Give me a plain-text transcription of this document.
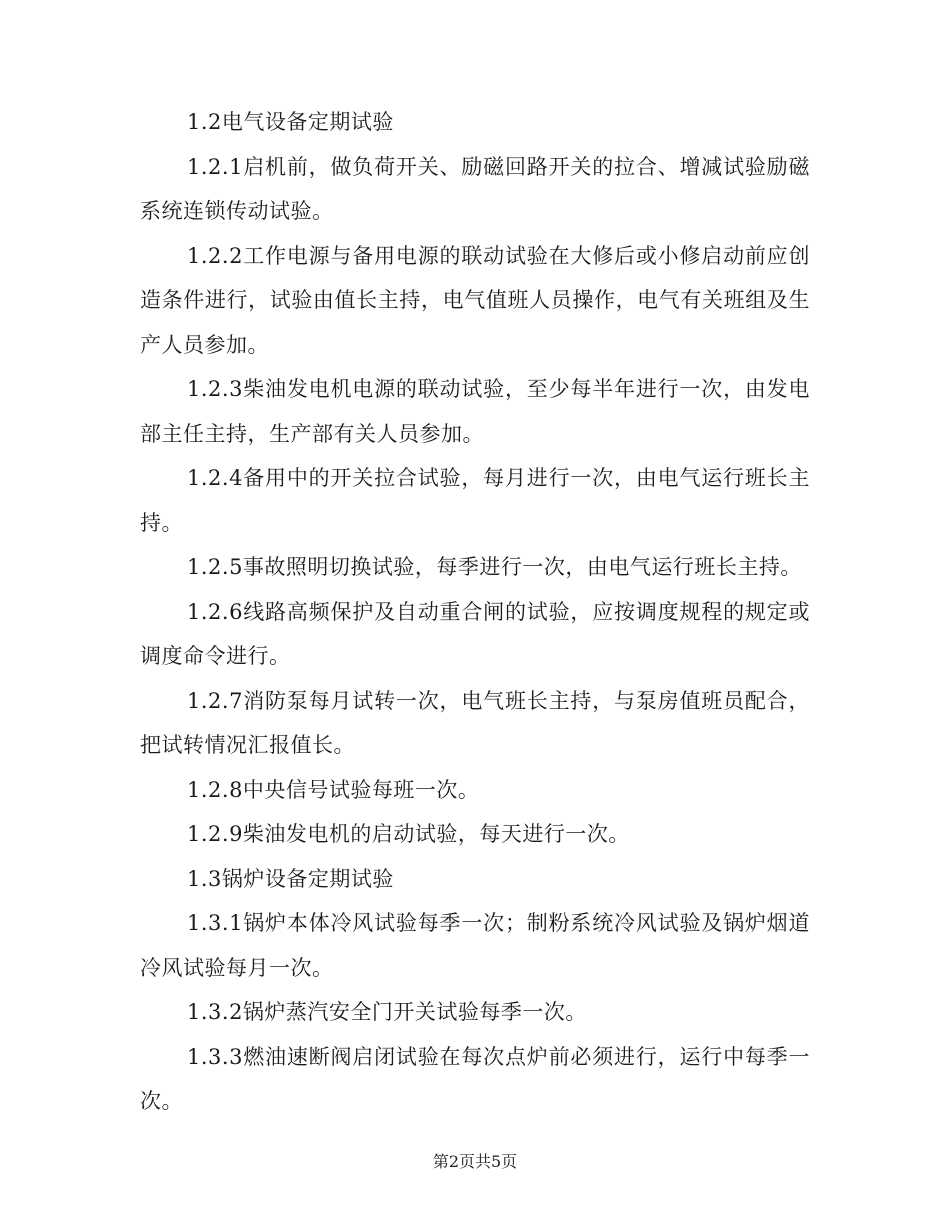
1.2电气设备定期试验

1.2.1启机前，做负荷开关、励磁回路开关的拉合、增减试验励磁系统连锁传动试验。

1.2.2工作电源与备用电源的联动试验在大修后或小修启动前应创造条件进行，试验由值长主持，电气值班人员操作，电气有关班组及生产人员参加。

1.2.3柴油发电机电源的联动试验，至少每半年进行一次，由发电部主任主持，生产部有关人员参加。

1.2.4备用中的开关拉合试验，每月进行一次，由电气运行班长主持。

1.2.5事故照明切换试验，每季进行一次，由电气运行班长主持。

1.2.6线路高频保护及自动重合闸的试验，应按调度规程的规定或调度命令进行。

1.2.7消防泵每月试转一次，电气班长主持，与泵房值班员配合，把试转情况汇报值长。

1.2.8中央信号试验每班一次。

1.2.9柴油发电机的启动试验，每天进行一次。

1.3锅炉设备定期试验

1.3.1锅炉本体冷风试验每季一次；制粉系统冷风试验及锅炉烟道冷风试验每月一次。

1.3.2锅炉蒸汽安全门开关试验每季一次。

1.3.3燃油速断阀启闭试验在每次点炉前必须进行，运行中每季一次。

第2页共5页
